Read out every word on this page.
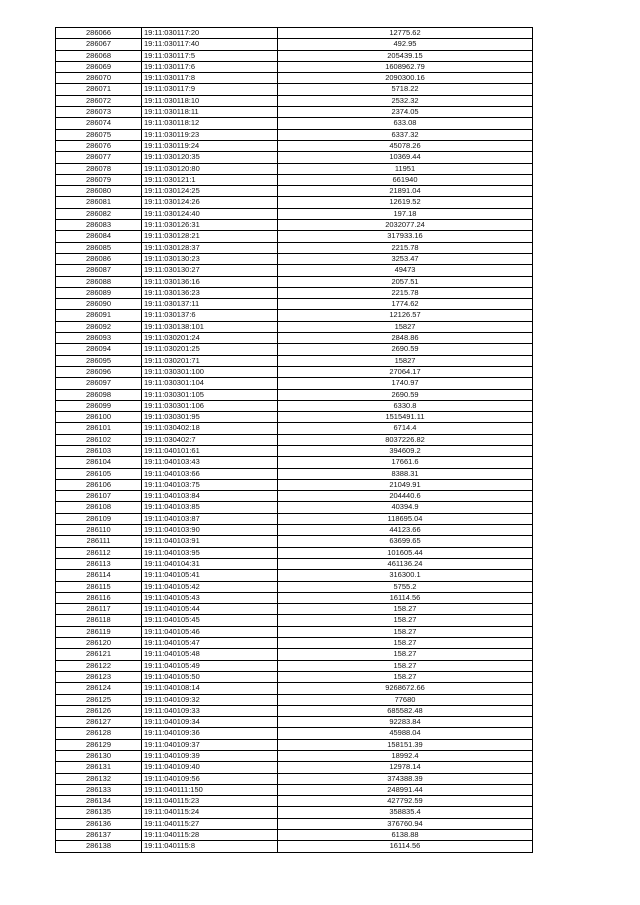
286066	19:11:030117:20	12775.62
286067	19:11:030117:40	492.95
286068	19:11:030117:5	205439.15
286069	19:11:030117:6	1608962.79
286070	19:11:030117:8	2090300.16
286071	19:11:030117:9	5718.22
286072	19:11:030118:10	2532.32
286073	19:11:030118:11	2374.05
286074	19:11:030118:12	633.08
286075	19:11:030119:23	6337.32
286076	19:11:030119:24	45078.26
286077	19:11:030120:35	10369.44
286078	19:11:030120:80	11951
286079	19:11:030121:1	661940
286080	19:11:030124:25	21891.04
286081	19:11:030124:26	12619.52
286082	19:11:030124:40	197.18
286083	19:11:030126:31	2032077.24
286084	19:11:030128:21	317933.16
286085	19:11:030128:37	2215.78
286086	19:11:030130:23	3253.47
286087	19:11:030130:27	49473
286088	19:11:030136:16	2057.51
286089	19:11:030136:23	2215.78
286090	19:11:030137:11	1774.62
286091	19:11:030137:6	12126.57
286092	19:11:030138:101	15827
286093	19:11:030201:24	2848.86
286094	19:11:030201:25	2690.59
286095	19:11:030201:71	15827
286096	19:11:030301:100	27064.17
286097	19:11:030301:104	1740.97
286098	19:11:030301:105	2690.59
286099	19:11:030301:106	6330.8
286100	19:11:030301:95	1515491.11
286101	19:11:030402:18	6714.4
286102	19:11:030402:7	8037226.82
286103	19:11:040101:61	394609.2
286104	19:11:040103:43	17661.6
286105	19:11:040103:66	8388.31
286106	19:11:040103:75	21049.91
286107	19:11:040103:84	204440.6
286108	19:11:040103:85	40394.9
286109	19:11:040103:87	118695.04
286110	19:11:040103:90	44123.66
286111	19:11:040103:91	63699.65
286112	19:11:040103:95	101605.44
286113	19:11:040104:31	461136.24
286114	19:11:040105:41	316300.1
286115	19:11:040105:42	5755.2
286116	19:11:040105:43	16114.56
286117	19:11:040105:44	158.27
286118	19:11:040105:45	158.27
286119	19:11:040105:46	158.27
286120	19:11:040105:47	158.27
286121	19:11:040105:48	158.27
286122	19:11:040105:49	158.27
286123	19:11:040105:50	158.27
286124	19:11:040108:14	9268672.66
286125	19:11:040109:32	77680
286126	19:11:040109:33	685582.48
286127	19:11:040109:34	92283.84
286128	19:11:040109:36	45988.04
286129	19:11:040109:37	158151.39
286130	19:11:040109:39	18992.4
286131	19:11:040109:40	12978.14
286132	19:11:040109:56	374388.39
286133	19:11:040111:150	248991.44
286134	19:11:040115:23	427792.59
286135	19:11:040115:24	358835.4
286136	19:11:040115:27	376760.94
286137	19:11:040115:28	6138.88
286138	19:11:040115:8	16114.56
